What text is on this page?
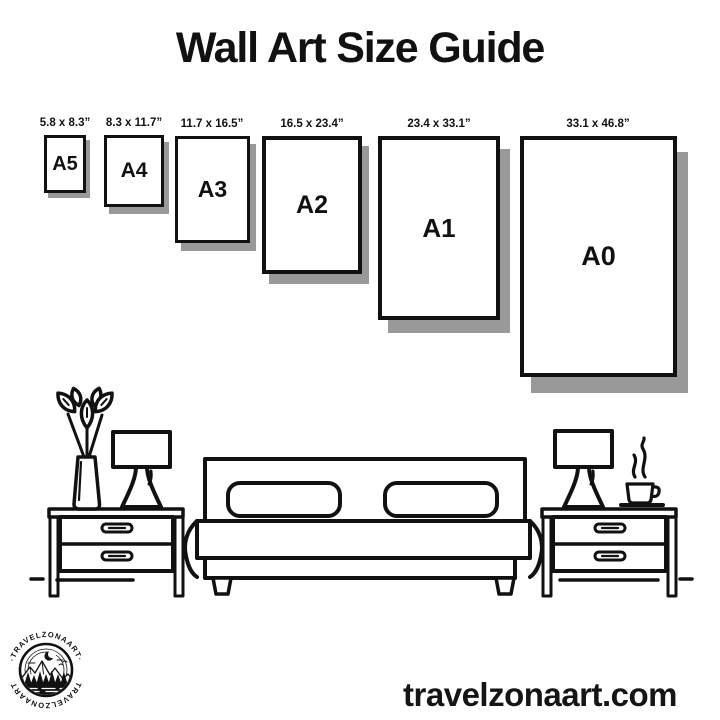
Wall Art Size Guide
5.8 x 8.3”
A5
8.3 x 11.7”
A4
11.7 x 16.5”
A3
16.5 x 23.4”
A2
23.4 x 33.1”
A1
33.1 x 46.8”
A0
·TRAVELZONAART·
TRAVELZONAART	travelzonaart.com
